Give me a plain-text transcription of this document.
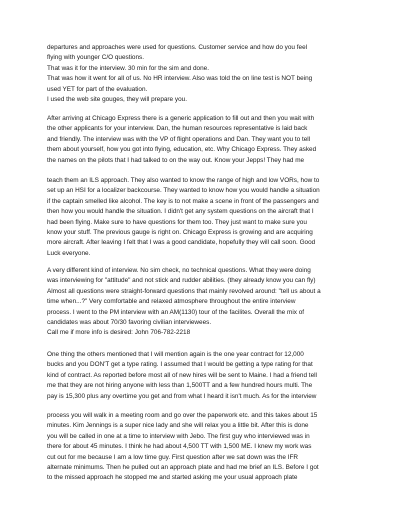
departures and approaches were used for questions. Customer service and how do you feel
flying with younger C/O questions.
That was it for the interview. 30 min for the sim and done.
That was how it went for all of us. No HR interview. Also was told the on line test is NOT being
used YET for part of the evaluation.
I used the web site gouges, they will prepare you.
After arriving at Chicago Express there is a generic application to fill out and then you wait with
the other applicants for your interview. Dan, the human resources representative is laid back
and friendly. The interview was with the VP of flight operations and Dan. They want you to tell
them about yourself, how you got into flying, education, etc. Why Chicago Express. They asked
the names on the pilots that I had talked to on the way out. Know your Jepps! They had me
teach them an ILS approach. They also wanted to know the range of high and low VORs, how to
set up an HSI for a localizer backcourse. They wanted to know how you would handle a situation
if the captain smelled like alcohol. The key is to not make a scene in front of the passengers and
then how you would handle the situation. I didn't get any system questions on the aircraft that I
had been flying. Make sure to have questions for them too. They just want to make sure you
know your stuff. The previous gauge is right on. Chicago Express is growing and are acquiring
more aircraft. After leaving I felt that I was a good candidate, hopefully they will call soon. Good
Luck everyone.
A very different kind of interview. No sim check, no technical questions. What they were doing
was interviewing for "attitude" and not stick and rudder abilities. (they already know you can fly)
Almost all questions were straight-forward questions that mainly revolved around: "tell us about a
time when...?" Very comfortable and relaxed atmosphere throughout the entire interview
process. I went to the PM interview with an AM(1130) tour of the facilites. Overall the mix of
candidates was about 70/30 favoring civilian interviewees.
Call me if more info is desired: John 706-782-2218
One thing the others mentioned that I will mention again is the one year contract for 12,000
bucks and you DON'T get a type rating. I assumed that I would be getting a type rating for that
kind of contract. As reported before most all of new hires will be sent to Maine. I had a friend tell
me that they are not hiring anyone with less than 1,500TT and a few hundred hours multi. The
pay is 15,300 plus any overtime you get and from what I heard it isn't much. As for the interview
process you will walk in a meeting room and go over the paperwork etc. and this takes about 15
minutes. Kim Jennings is a super nice lady and she will relax you a little bit. After this is done
you will be called in one at a time to interview with Jebo. The first guy who interviewed was in
there for about 45 minutes. I think he had about 4,500 TT with 1,500 ME. I knew my work was
cut out for me because I am a low time guy. First question after we sat down was the IFR
alternate minimums. Then he pulled out an approach plate and had me brief an ILS. Before I got
to the missed approach he stopped me and started asking me your usual approach plate
